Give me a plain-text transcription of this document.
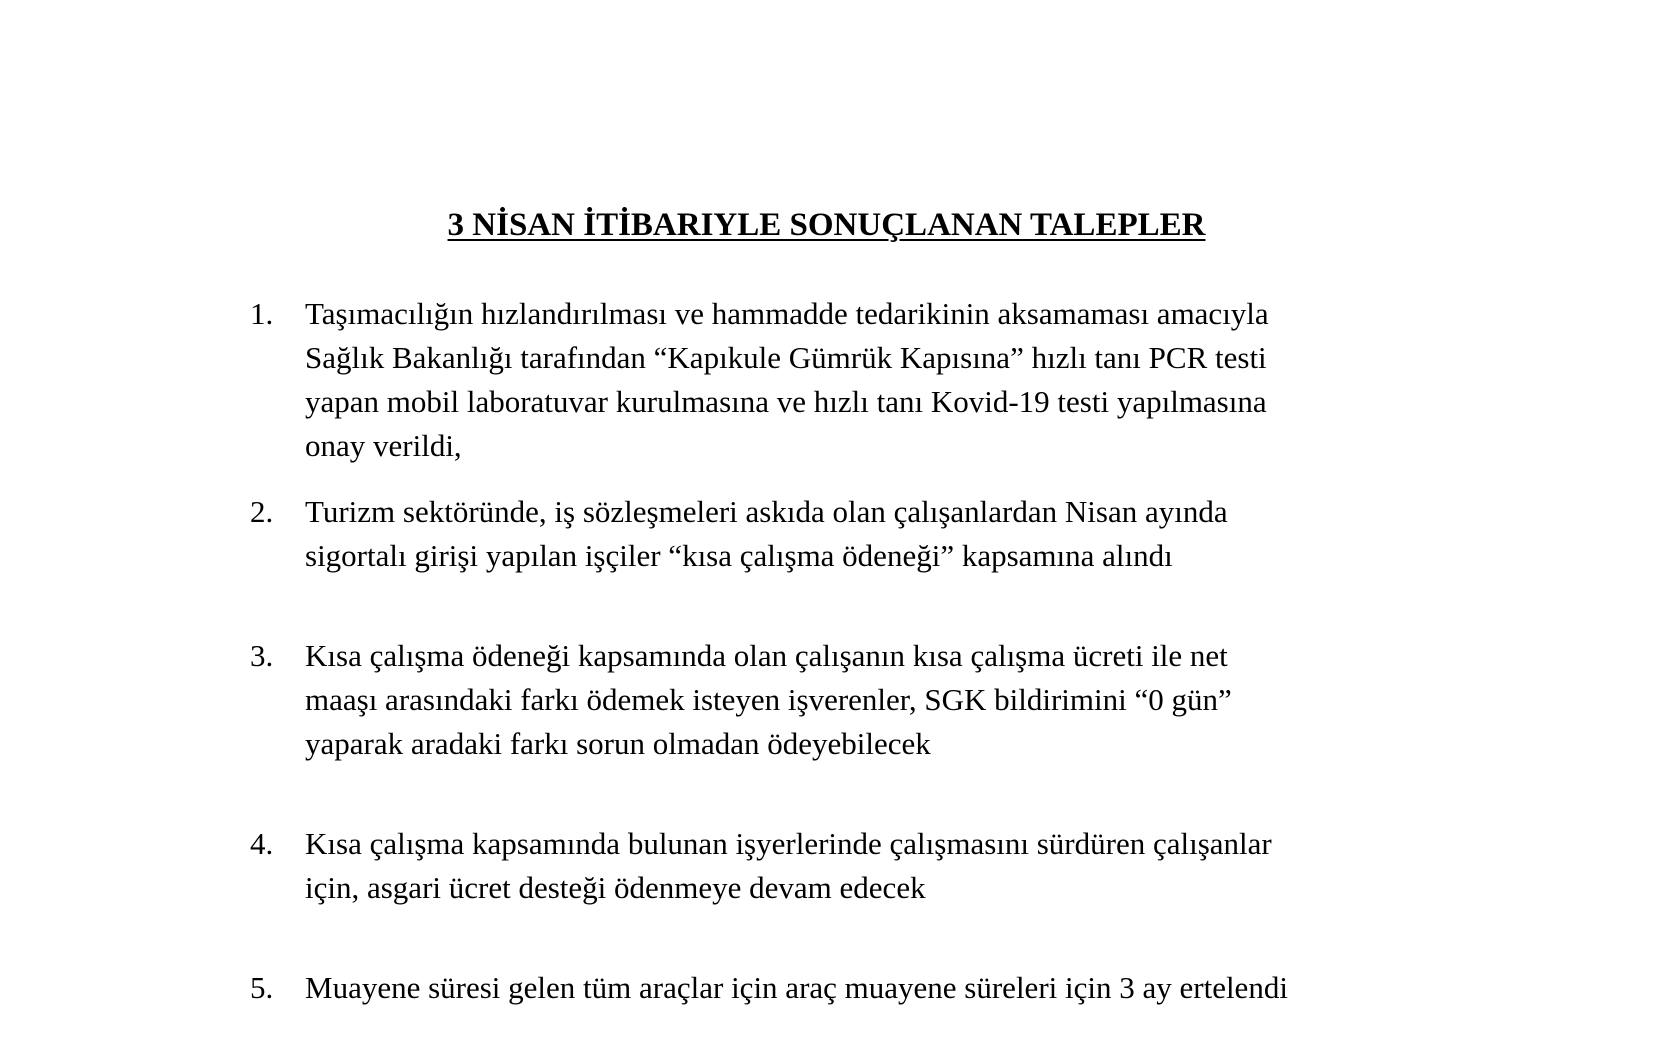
3 NİSAN İTİBARIYLE SONUÇLANAN TALEPLER
1.	Taşımacılığın hızlandırılması ve hammadde tedarikinin aksamaması amacıyla
Sağlık Bakanlığı tarafından “Kapıkule Gümrük Kapısına” hızlı tanı PCR testi
yapan mobil laboratuvar kurulmasına ve hızlı tanı Kovid-19 testi yapılmasına
onay verildi,
2.	Turizm sektöründe, iş sözleşmeleri askıda olan çalışanlardan Nisan ayında
sigortalı girişi yapılan işçiler “kısa çalışma ödeneği” kapsamına alındı
3.	Kısa çalışma ödeneği kapsamında olan çalışanın kısa çalışma ücreti ile net
maaşı arasındaki farkı ödemek isteyen işverenler, SGK bildirimini “0 gün”
yaparak aradaki farkı sorun olmadan ödeyebilecek
4.	Kısa çalışma kapsamında bulunan işyerlerinde çalışmasını sürdüren çalışanlar
için, asgari ücret desteği ödenmeye devam edecek
5.	Muayene süresi gelen tüm araçlar için araç muayene süreleri için 3 ay ertelendi
